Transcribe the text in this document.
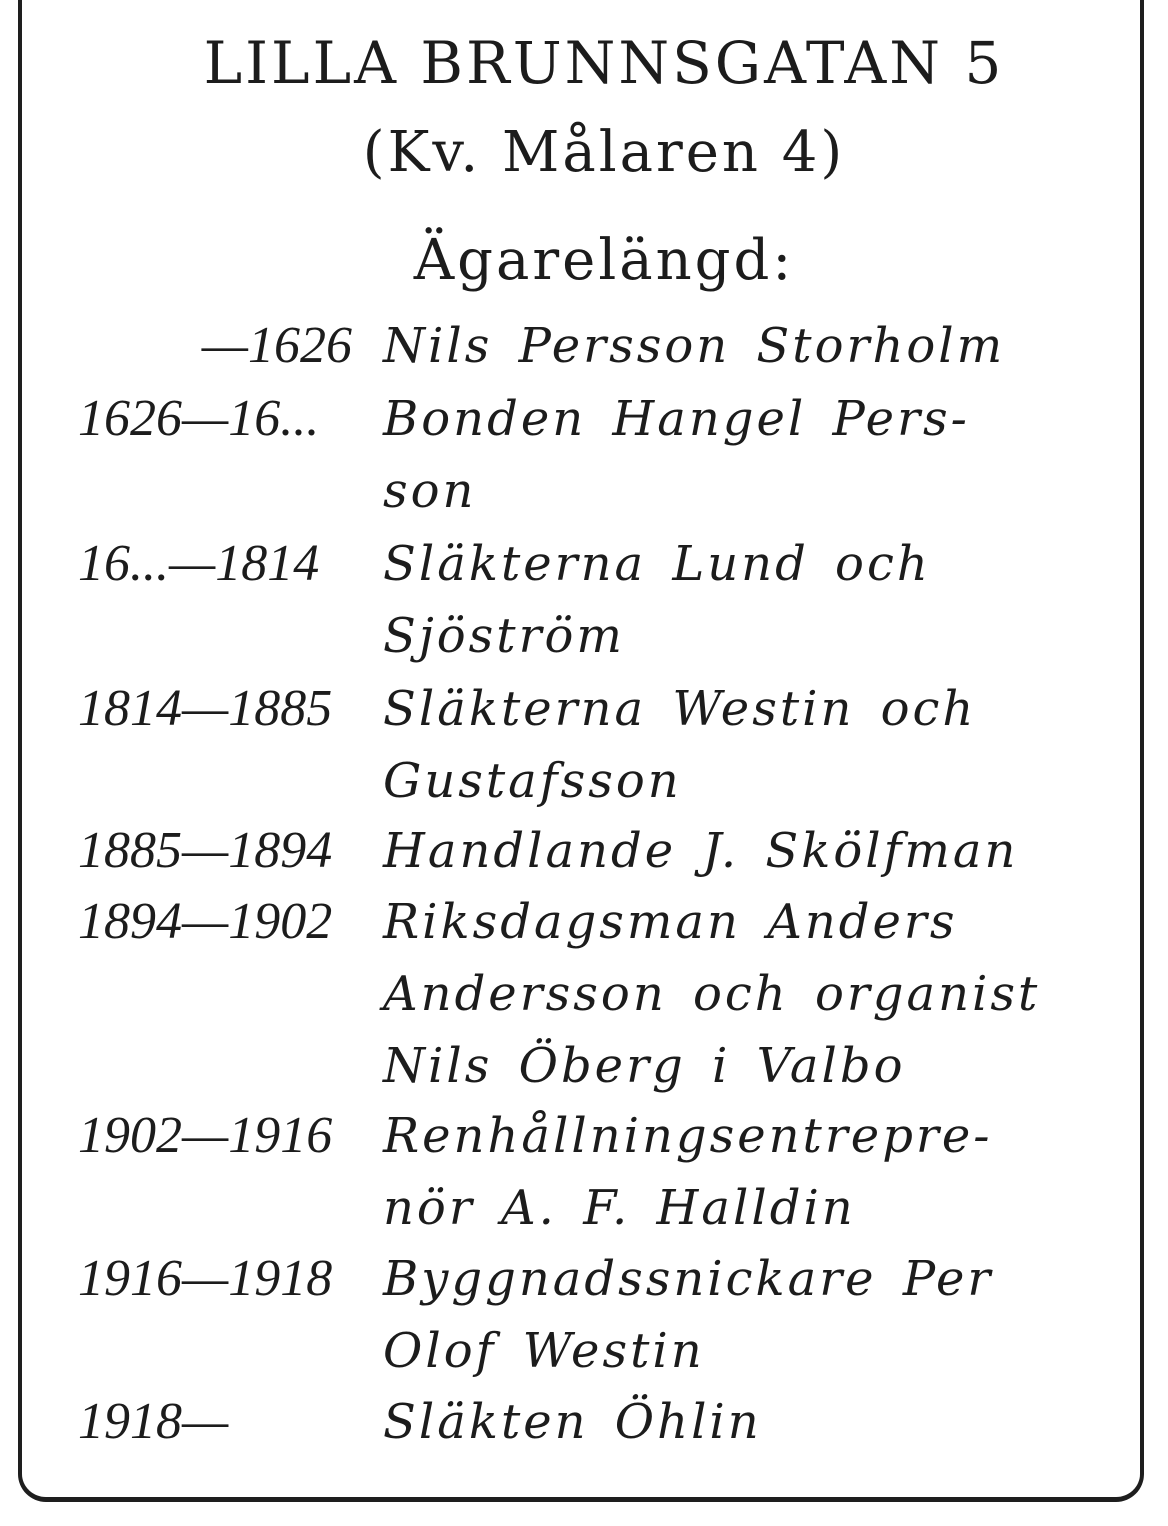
LILLA BRUNNSGATAN 5
(Kv. Målaren 4)
Ägarelängd:
—1626 Nils Persson Storholm
1626—16...	Bonden Hangel Pers-
son
16...—1814	Släkterna Lund och
Sjöström
1814—1885	Släkterna Westin och
Gustafsson
1885—1894	Handlande J. Skölfman
1894—1902	Riksdagsman Anders
Andersson och organist
Nils Öberg i Valbo
1902—1916	Renhållningsentrepre-
nör A. F. Halldin
1916—1918	Byggnadssnickare Per
Olof Westin
1918—	Släkten Öhlin
